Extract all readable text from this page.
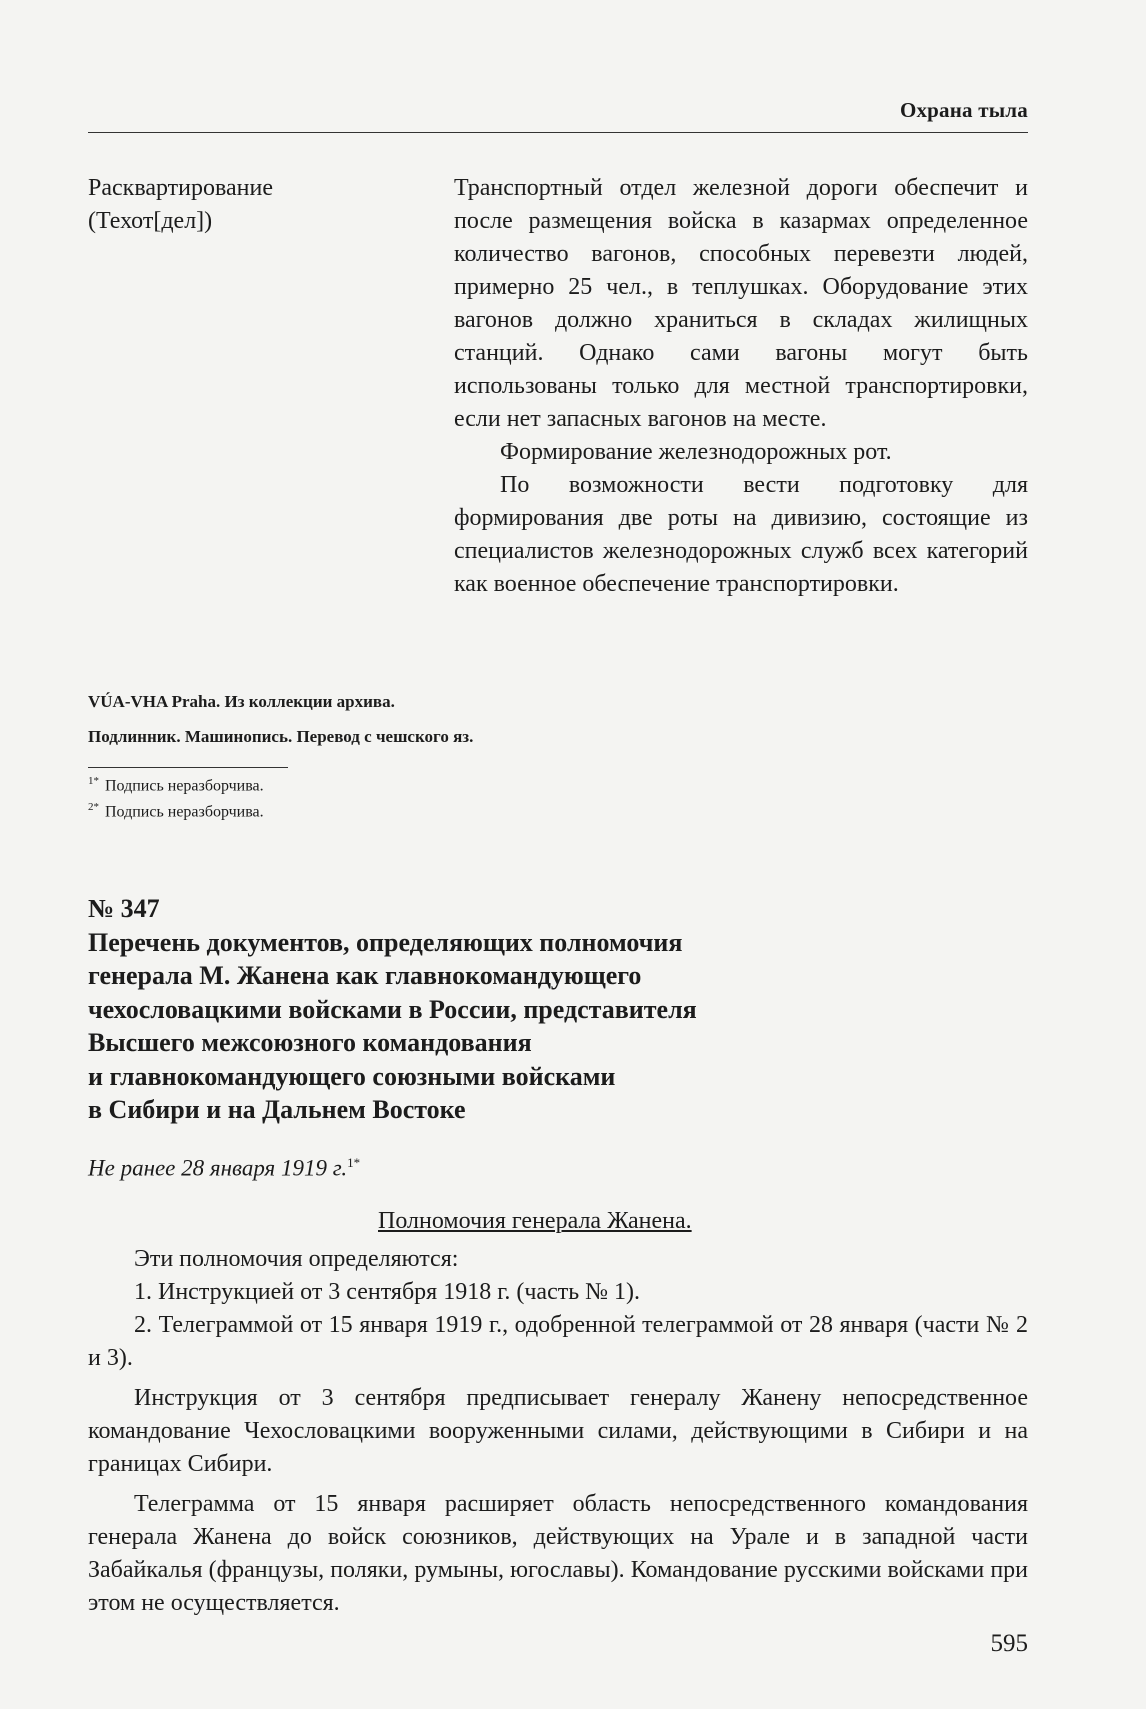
Охрана тыла
Расквартирование
(Техот[дел])

Транспортный отдел железной дороги обеспечит и после размещения войска в казармах определенное количество вагонов, способных перевезти людей, примерно 25 чел., в теплушках. Оборудование этих вагонов должно храниться в складах жилищных станций. Однако сами вагоны могут быть использованы только для местной транспортировки, если нет запасных вагонов на месте.

Формирование железнодорожных рот.

По возможности вести подготовку для формирования две роты на дивизию, состоящие из специалистов железнодорожных служб всех категорий как военное обеспечение транспортировки.

VÚA-VHA Praha. Из коллекции архива.
Подлинник. Машинопись. Перевод с чешского яз.
$^{1*}$ Подпись неразборчива.
$^{2*}$ Подпись неразборчива.
№ 347
Перечень документов, определяющих полномочия
генерала М. Жанена как главнокомандующего
чехословацкими войсками в России, представителя
Высшего межсоюзного командования
и главнокомандующего союзными войсками
в Сибири и на Дальнем Востоке
Не ранее 28 января 1919 г.$^{1*}$
Полномочия генерала Жанена.

Эти полномочия определяются:

1. Инструкцией от 3 сентября 1918 г. (часть № 1).

2. Телеграммой от 15 января 1919 г., одобренной телеграммой от 28 января (части № 2 и 3).

Инструкция от 3 сентября предписывает генералу Жанену непосредственное командование Чехословацкими вооруженными силами, действующими в Сибири и на границах Сибири.

Телеграмма от 15 января расширяет область непосредственного командования генерала Жанена до войск союзников, действующих на Урале и в западной части Забайкалья (французы, поляки, румыны, югославы). Командование русскими войсками при этом не осуществляется.

595
